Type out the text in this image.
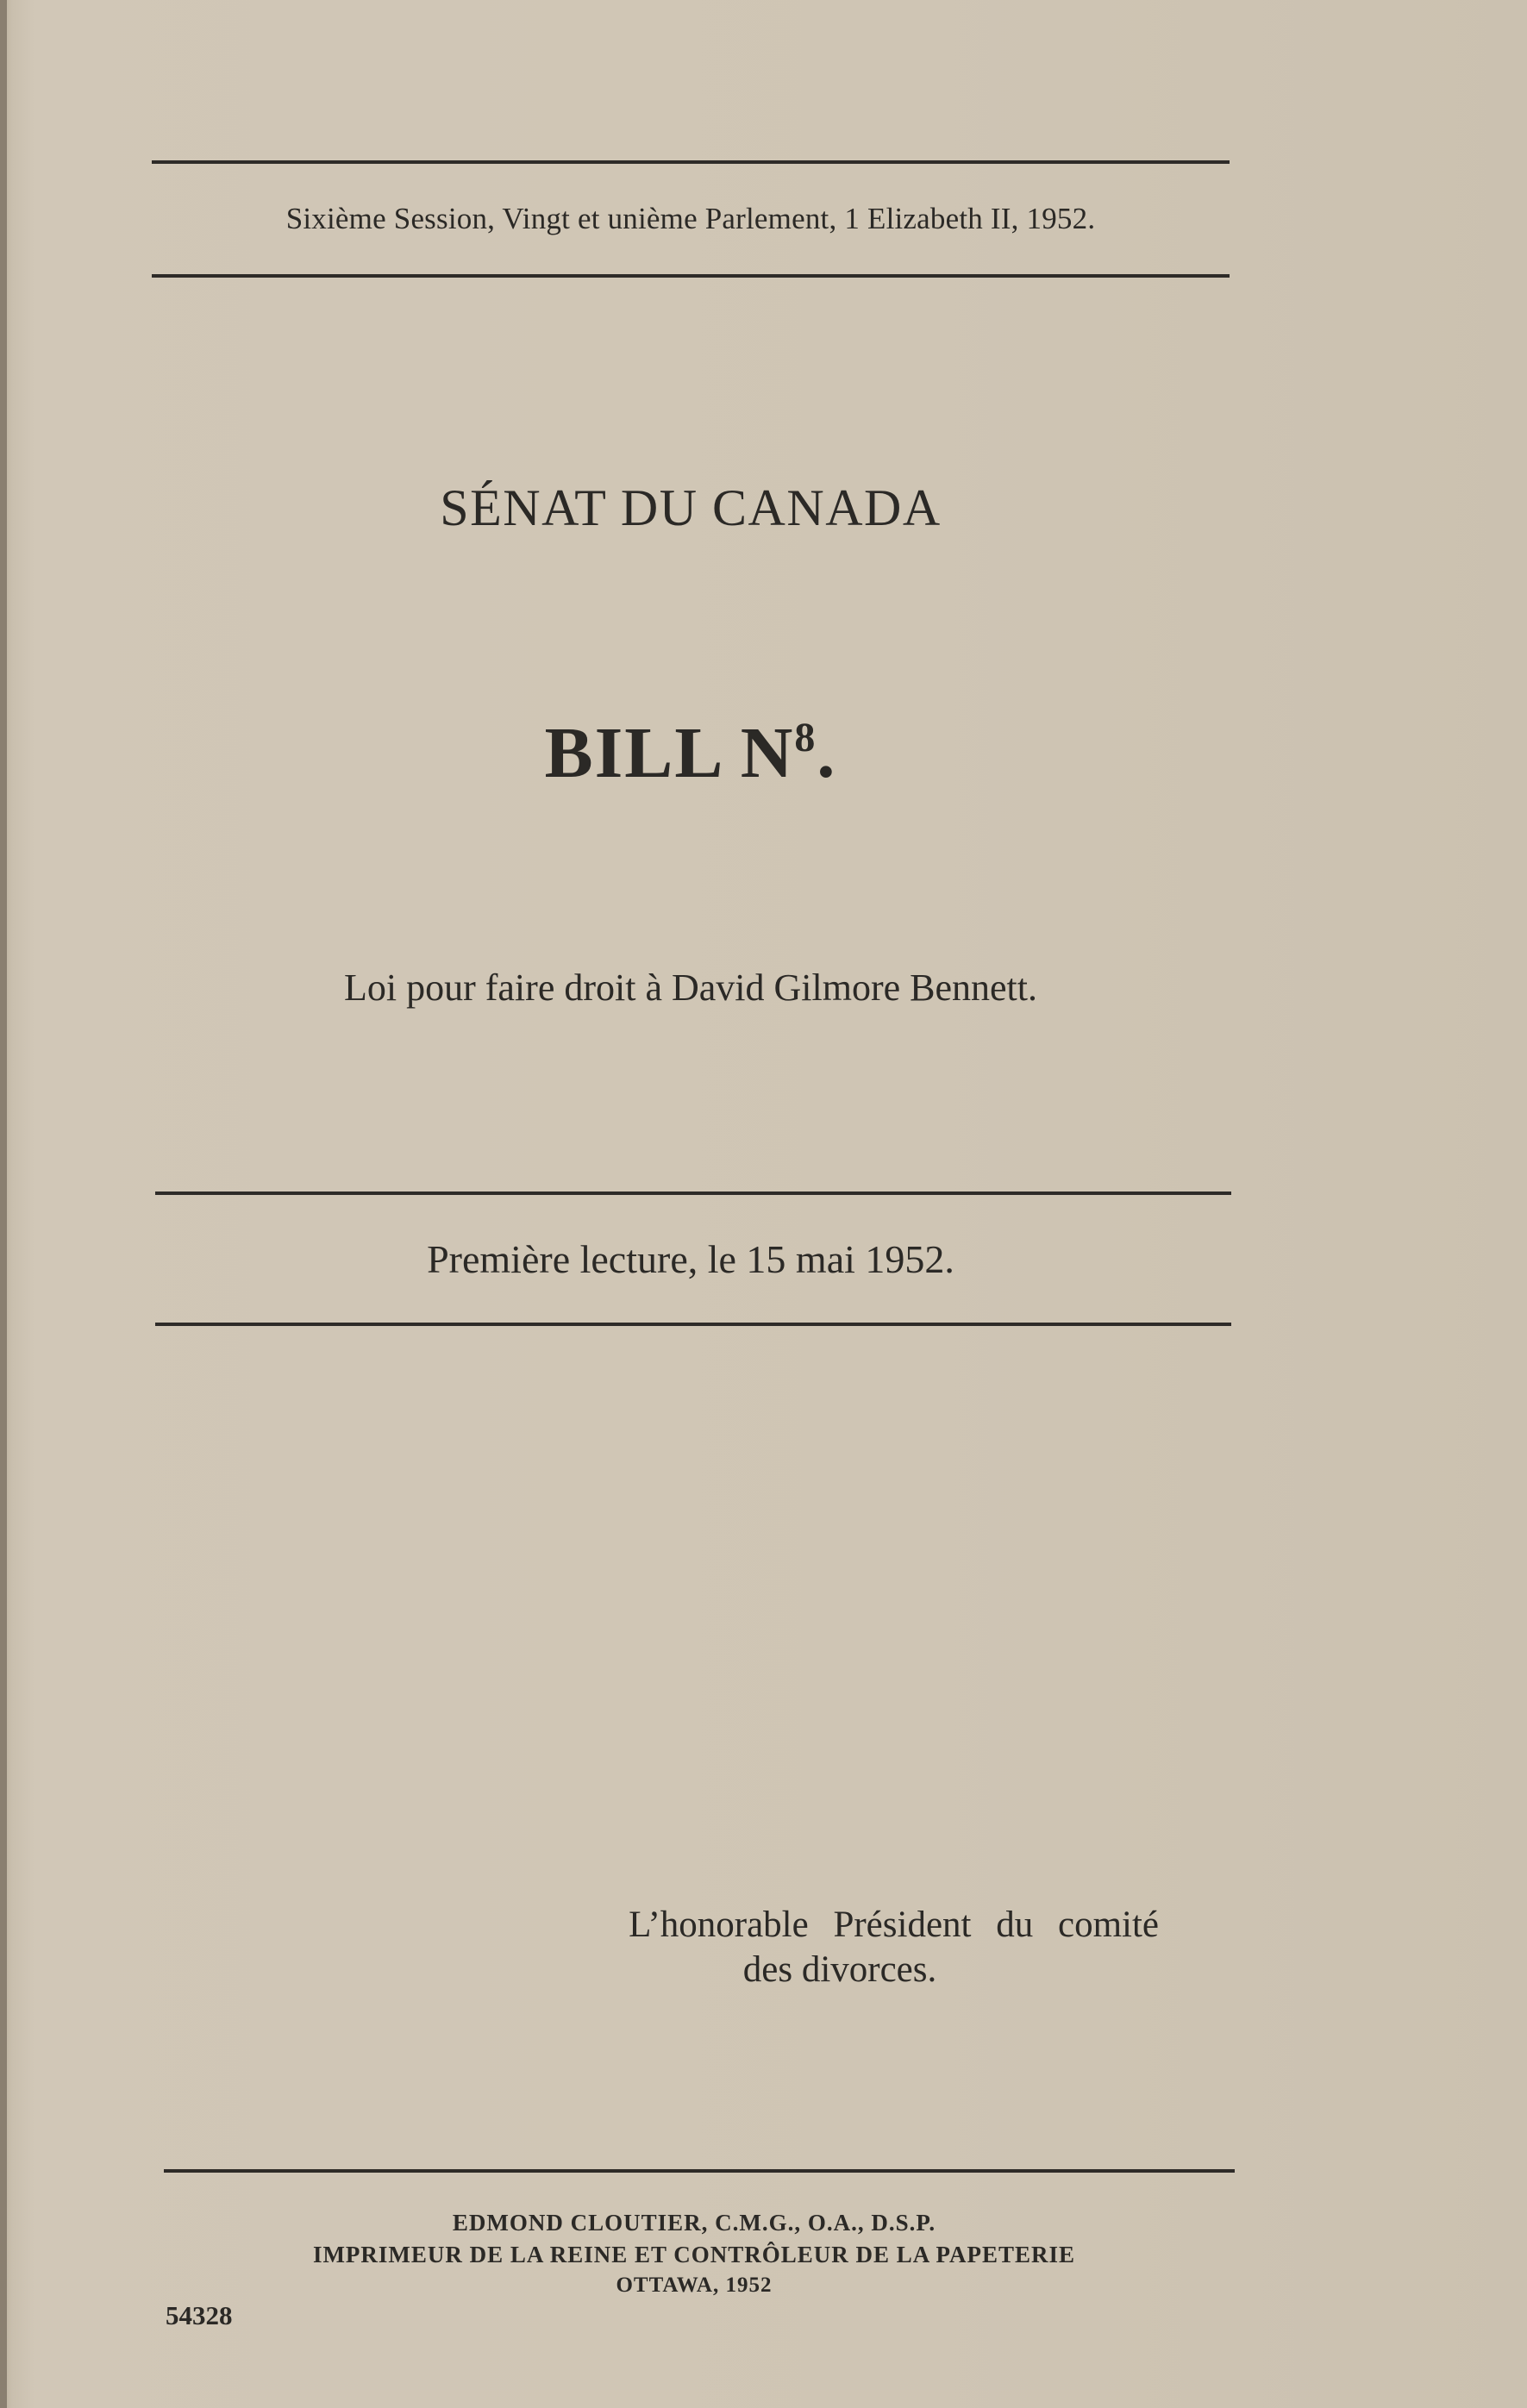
Sixième Session, Vingt et unième Parlement, 1 Elizabeth II, 1952.
SÉNAT DU CANADA
BILL $N^8$.
Loi pour faire droit à David Gilmore Bennett.
Première lecture, le 15 mai 1952.
L’honorable Président du comité
des divorces.
EDMOND CLOUTIER, C.M.G., O.A., D.S.P.
IMPRIMEUR DE LA REINE ET CONTRÔLEUR DE LA PAPETERIE
OTTAWA, 1952
54328
